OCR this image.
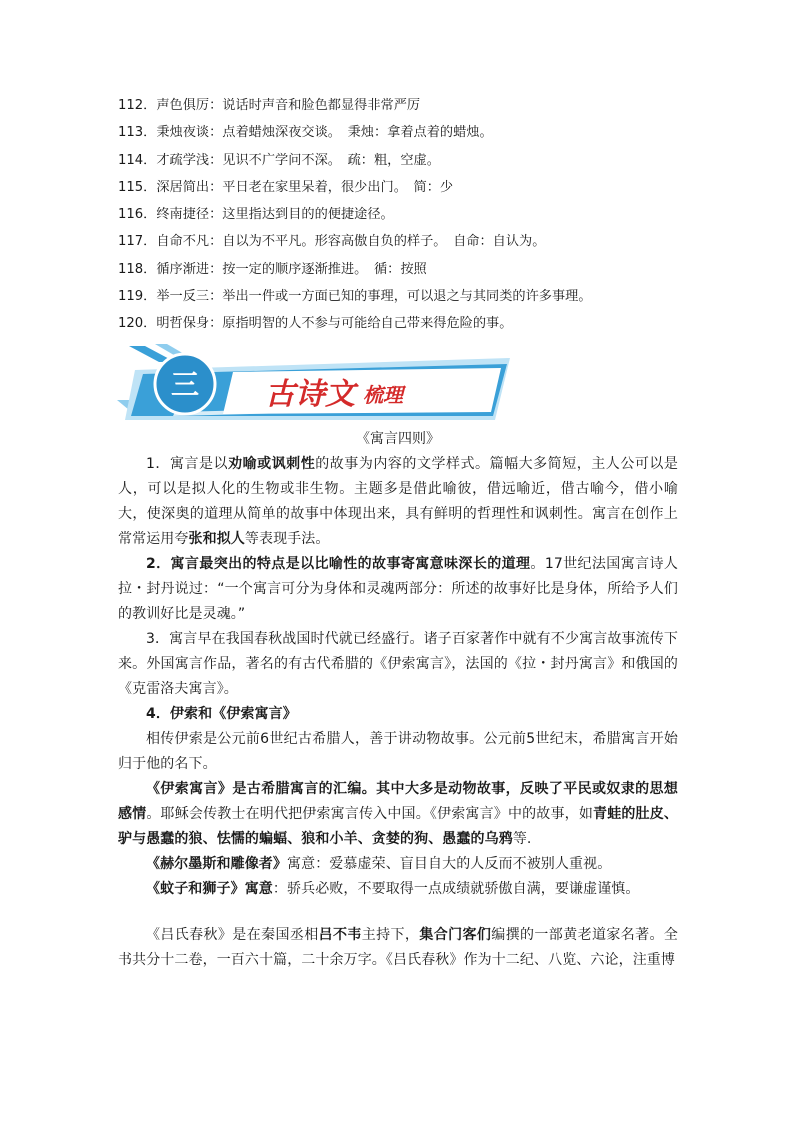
112．声色俱厉：说话时声音和脸色都显得非常严厉
113．秉烛夜谈：点着蜡烛深夜交谈。　秉烛：拿着点着的蜡烛。
114．才疏学浅：见识不广学问不深。　疏：粗，空虚。
115．深居简出：平日老在家里呆着，很少出门。　简：少
116．终南捷径：这里指达到目的的便捷途径。
117．自命不凡：自以为不平凡。形容高傲自负的样子。　自命：自认为。
118．循序渐进：按一定的顺序逐渐推进。　循：按照
119．举一反三：举出一件或一方面已知的事理，可以退之与其同类的许多事理。
120．明哲保身：原指明智的人不参与可能给自己带来得危险的事。
三 古诗文 梳理

《寓言四则》

1．寓言是以劝喻或讽刺性的故事为内容的文学样式。篇幅大多简短，主人公可以是人，可以是拟人化的生物或非生物。主题多是借此喻彼，借远喻近，借古喻今，借小喻大，使深奥的道理从简单的故事中体现出来，具有鲜明的哲理性和讽刺性。寓言在创作上常常运用夸张和拟人等表现手法。

2．寓言最突出的特点是以比喻性的故事寄寓意味深长的道理。17世纪法国寓言诗人拉・封丹说过：“一个寓言可分为身体和灵魂两部分：所述的故事好比是身体，所给予人们的教训好比是灵魂。”

3．寓言早在我国春秋战国时代就已经盛行。诸子百家著作中就有不少寓言故事流传下来。外国寓言作品，著名的有古代希腊的《伊索寓言》，法国的《拉・封丹寓言》和俄国的《克雷洛夫寓言》。

4．伊索和《伊索寓言》

相传伊索是公元前6世纪古希腊人，善于讲动物故事。公元前5世纪末，希腊寓言开始归于他的名下。

《伊索寓言》是古希腊寓言的汇编。其中大多是动物故事，反映了平民或奴隶的思想感情。耶稣会传教士在明代把伊索寓言传入中国。《伊索寓言》中的故事，如青蛙的肚皮、驴与愚蠢的狼、怯懦的蝙蝠、狼和小羊、贪婪的狗、愚蠢的乌鸦等.

《赫尔墨斯和雕像者》寓意：爱慕虚荣、盲目自大的人反而不被别人重视。

《蚊子和狮子》寓意：骄兵必败，不要取得一点成绩就骄傲自满，要谦虚谨慎。

《吕氏春秋》是在秦国丞相吕不韦主持下，集合门客们编撰的一部黄老道家名著。全书共分十二卷，一百六十篇，二十余万字。《吕氏春秋》作为十二纪、八览、六论，注重博
